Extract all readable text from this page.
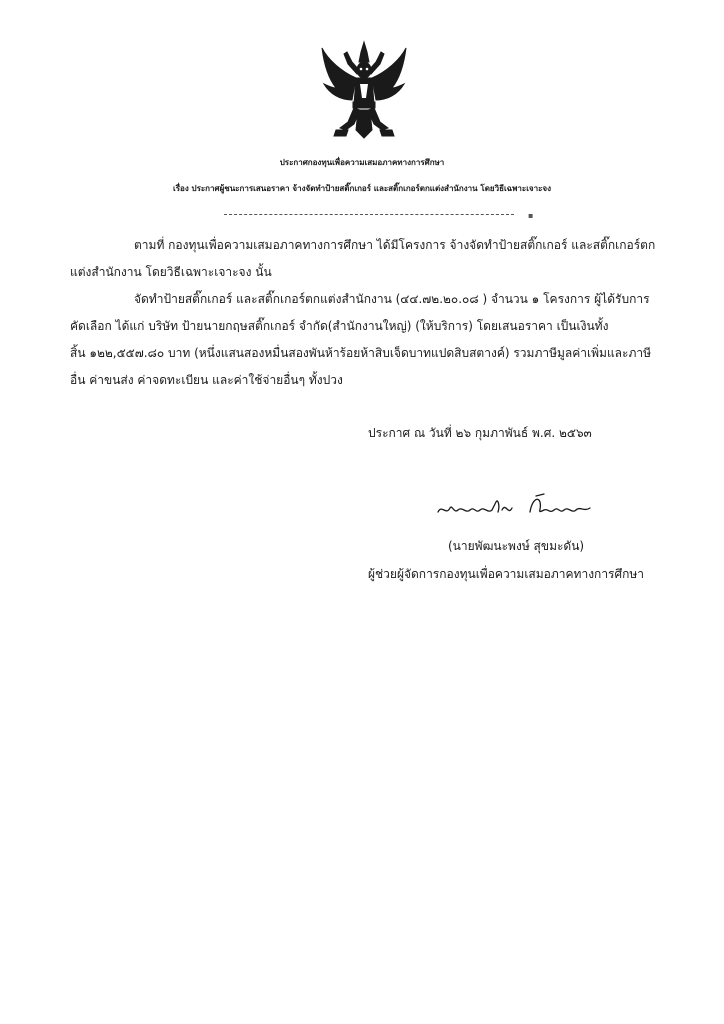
ประกาศกองทุนเพื่อความเสมอภาคทางการศึกษา
เรื่อง ประกาศผู้ชนะการเสนอราคา จ้างจัดทำป้ายสติ๊กเกอร์ และสติ๊กเกอร์ตกแต่งสำนักงาน โดยวิธีเฉพาะเจาะจง
▪
ตามที่ กองทุนเพื่อความเสมอภาคทางการศึกษา ได้มีโครงการ จ้างจัดทำป้ายสติ๊กเกอร์ และสติ๊กเกอร์ตก
แต่งสำนักงาน โดยวิธีเฉพาะเจาะจง นั้น
จัดทำป้ายสติ๊กเกอร์ และสติ๊กเกอร์ตกแต่งสำนักงาน (๔๔.๗๒.๒๐.๐๘ ) จำนวน ๑ โครงการ ผู้ได้รับการ
คัดเลือก ได้แก่ บริษัท ป้ายนายกฤษสติ๊กเกอร์ จำกัด(สำนักงานใหญ่) (ให้บริการ) โดยเสนอราคา เป็นเงินทั้ง
สิ้น ๑๒๒,๕๕๗.๘๐ บาท (หนึ่งแสนสองหมื่นสองพันห้าร้อยห้าสิบเจ็ดบาทแปดสิบสตางค์) รวมภาษีมูลค่าเพิ่มและภาษี
อื่น ค่าขนส่ง ค่าจดทะเบียน และค่าใช้จ่ายอื่นๆ ทั้งปวง
ประกาศ ณ วันที่ ๒๖ กุมภาพันธ์ พ.ศ. ๒๕๖๓
(นายพัฒนะพงษ์ สุขมะดัน)
ผู้ช่วยผู้จัดการกองทุนเพื่อความเสมอภาคทางการศึกษา
